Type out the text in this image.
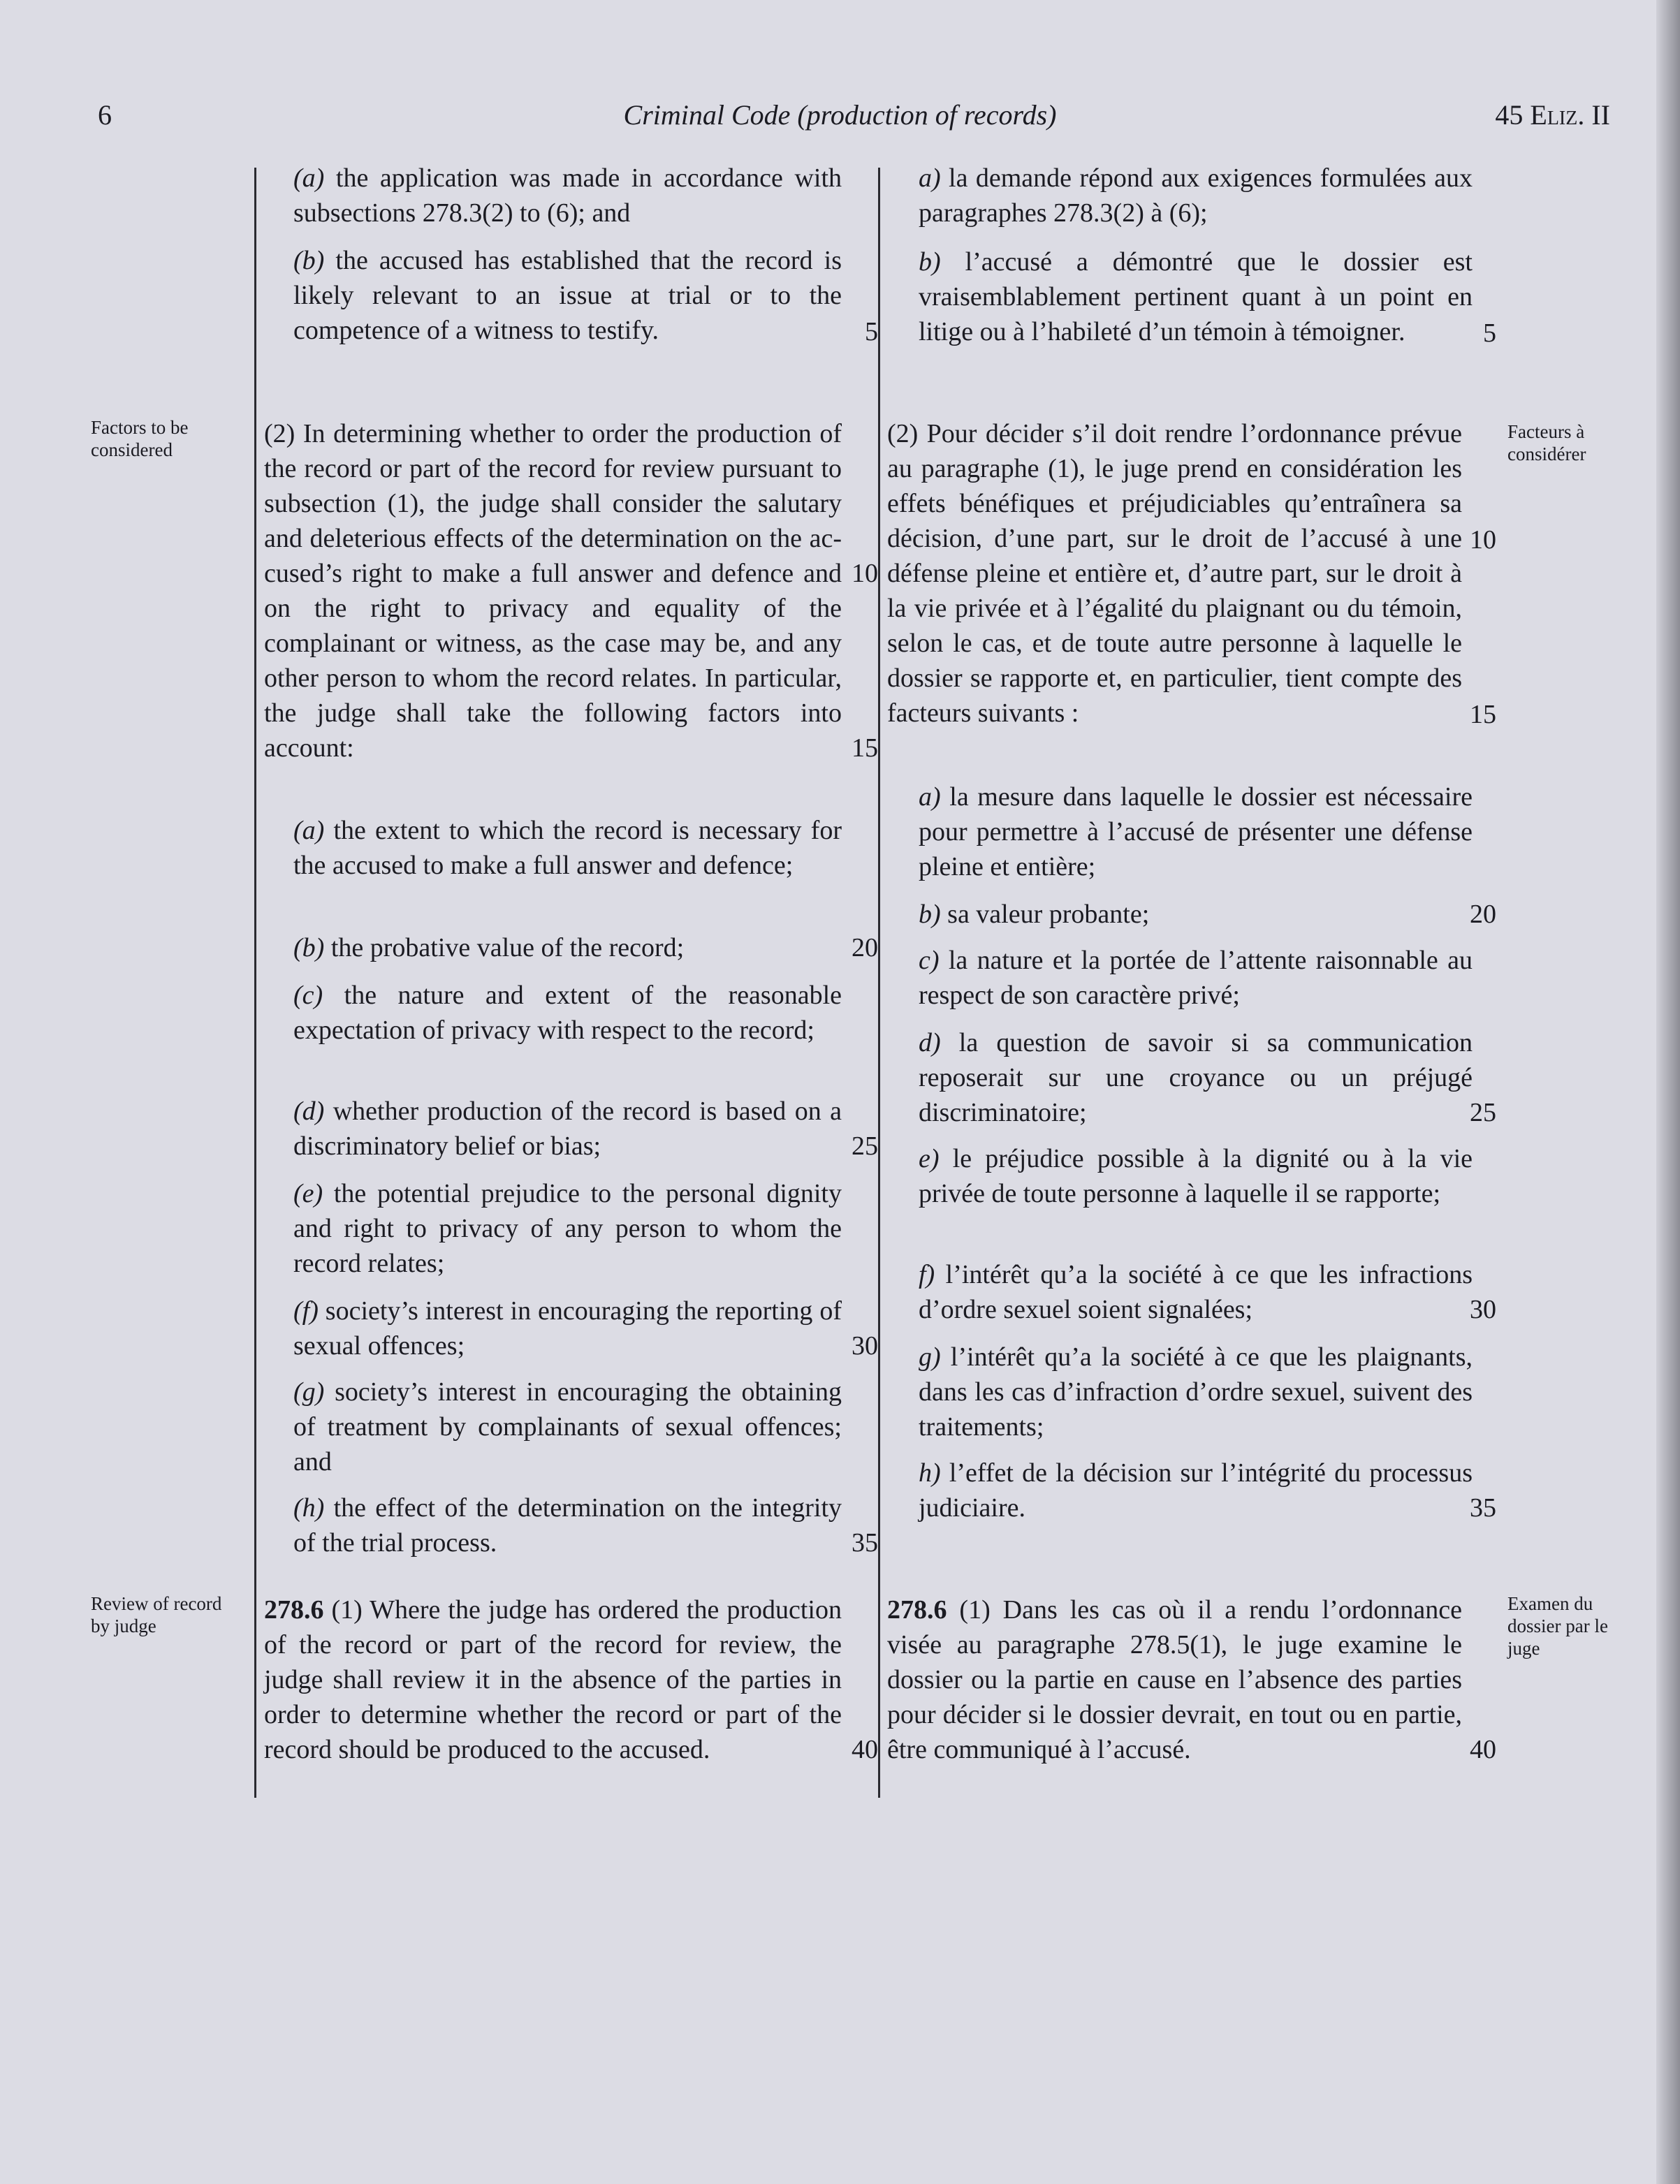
6	Criminal Code (production of records)	45 Eliz. II
Factors to be considered
Review of record by judge
Facteurs à considérer
Examen du dossier par le juge
(a) the application was made in accordance with subsections 278.3(2) to (6); and
(b) the accused has established that the record is likely relevant to an issue at trial or to the competence of a witness to testify.
(2) In determining whether to order the production of the record or part of the record for review pursuant to subsection (1), the judge shall consider the salutary and deleterious effects of the determination on the accused’s right to make a full answer and defence and on the right to privacy and equality of the complainant or witness, as the case may be, and any other person to whom the record relates. In particular, the judge shall take the following factors into account:
(a) the extent to which the record is necessary for the accused to make a full answer and defence;
(b) the probative value of the record;
(c) the nature and extent of the reasonable expectation of privacy with respect to the record;
(d) whether production of the record is based on a discriminatory belief or bias;
(e) the potential prejudice to the personal dignity and right to privacy of any person to whom the record relates;
(f) society’s interest in encouraging the reporting of sexual offences;
(g) society’s interest in encouraging the obtaining of treatment by complainants of sexual offences; and
(h) the effect of the determination on the integrity of the trial process.
278.6 (1) Where the judge has ordered the production of the record or part of the record for review, the judge shall review it in the absence of the parties in order to determine whether the record or part of the record should be produced to the accused.
a) la demande répond aux exigences formulées aux paragraphes 278.3(2) à (6);
b) l’accusé a démontré que le dossier est vraisemblablement pertinent quant à un point en litige ou à l’habileté d’un témoin à témoigner.
(2) Pour décider s’il doit rendre l’ordonnance prévue au paragraphe (1), le juge prend en considération les effets bénéfiques et préjudiciables qu’entraînera sa décision, d’une part, sur le droit de l’accusé à une défense pleine et entière et, d’autre part, sur le droit à la vie privée et à l’égalité du plaignant ou du témoin, selon le cas, et de toute autre personne à laquelle le dossier se rapporte et, en particulier, tient compte des facteurs suivants :
a) la mesure dans laquelle le dossier est nécessaire pour permettre à l’accusé de présenter une défense pleine et entière;
b) sa valeur probante;
c) la nature et la portée de l’attente raisonnable au respect de son caractère privé;
d) la question de savoir si sa communication reposerait sur une croyance ou un préjugé discriminatoire;
e) le préjudice possible à la dignité ou à la vie privée de toute personne à laquelle il se rapporte;
f) l’intérêt qu’a la société à ce que les infractions d’ordre sexuel soient signalées;
g) l’intérêt qu’a la société à ce que les plaignants, dans les cas d’infraction d’ordre sexuel, suivent des traitements;
h) l’effet de la décision sur l’intégrité du processus judiciaire.
278.6 (1) Dans les cas où il a rendu l’ordonnance visée au paragraphe 278.5(1), le juge examine le dossier ou la partie en cause en l’absence des parties pour décider si le dossier devrait, en tout ou en partie, être communiqué à l’accusé.
5
10
15
20
25
30
35
40
5
10
15
20
25
30
35
40
